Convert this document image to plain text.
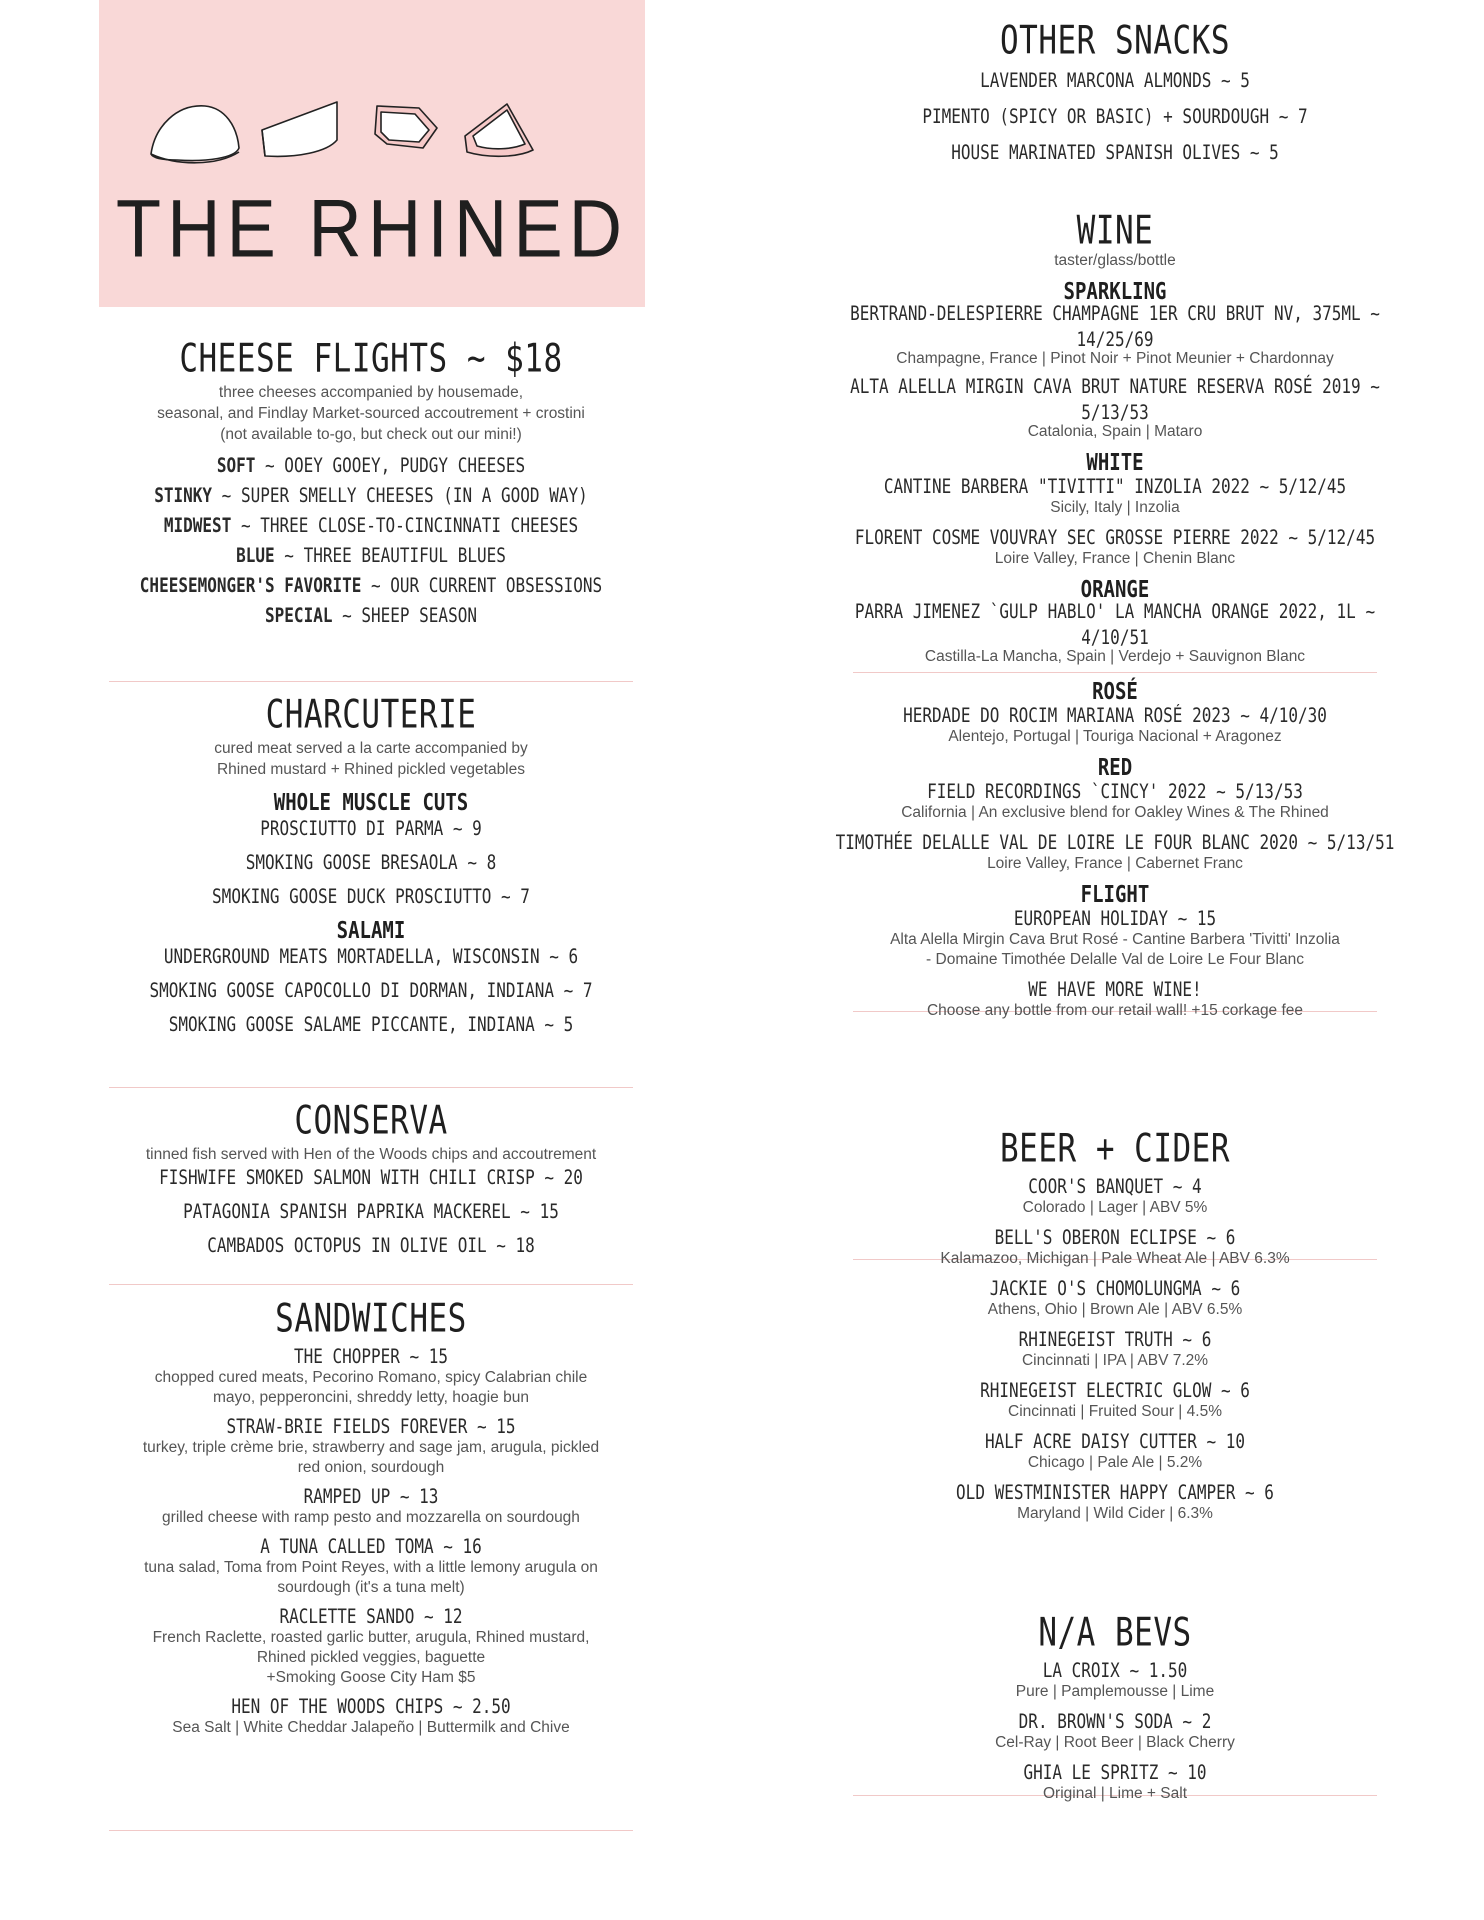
THE RHINED

CHEESE FLIGHTS ~ $18

three cheeses accompanied by housemade,

seasonal, and Findlay Market-sourced accoutrement + crostini

(not available to-go, but check out our mini!)

SOFT ~ OOEY GOOEY, PUDGY CHEESES

STINKY ~ SUPER SMELLY CHEESES (IN A GOOD WAY)

MIDWEST ~ THREE CLOSE-TO-CINCINNATI CHEESES

BLUE ~ THREE BEAUTIFUL BLUES

CHEESEMONGER'S FAVORITE ~ OUR CURRENT OBSESSIONS

SPECIAL ~ SHEEP SEASON

CHARCUTERIE

cured meat served a la carte accompanied by

Rhined mustard + Rhined pickled vegetables

WHOLE MUSCLE CUTS

PROSCIUTTO DI PARMA ~ 9

SMOKING GOOSE BRESAOLA ~ 8

SMOKING GOOSE DUCK PROSCIUTTO ~ 7

SALAMI

UNDERGROUND MEATS MORTADELLA, WISCONSIN ~ 6

SMOKING GOOSE CAPOCOLLO DI DORMAN, INDIANA ~ 7

SMOKING GOOSE SALAME PICCANTE, INDIANA ~ 5

CONSERVA

tinned fish served with Hen of the Woods chips and accoutrement

FISHWIFE SMOKED SALMON WITH CHILI CRISP ~ 20

PATAGONIA SPANISH PAPRIKA MACKEREL ~ 15

CAMBADOS OCTOPUS IN OLIVE OIL ~ 18

SANDWICHES

THE CHOPPER ~ 15

chopped cured meats, Pecorino Romano, spicy Calabrian chile

mayo, pepperoncini, shreddy letty, hoagie bun

STRAW-BRIE FIELDS FOREVER ~ 15

turkey, triple crème brie, strawberry and sage jam, arugula, pickled

red onion, sourdough

RAMPED UP ~ 13

grilled cheese with ramp pesto and mozzarella on sourdough

A TUNA CALLED TOMA ~ 16

tuna salad, Toma from Point Reyes, with a little lemony arugula on

sourdough (it's a tuna melt)

RACLETTE SANDO ~ 12

French Raclette, roasted garlic butter, arugula, Rhined mustard,

Rhined pickled veggies, baguette

+Smoking Goose City Ham $5

HEN OF THE WOODS CHIPS ~ 2.50

Sea Salt | White Cheddar Jalapeño | Buttermilk and Chive

OTHER SNACKS

LAVENDER MARCONA ALMONDS ~ 5

PIMENTO (SPICY OR BASIC) + SOURDOUGH ~ 7

HOUSE MARINATED SPANISH OLIVES ~ 5

WINE

taster/glass/bottle

SPARKLING

BERTRAND-DELESPIERRE CHAMPAGNE 1ER CRU BRUT NV, 375ML ~ 14/25/69

Champagne, France | Pinot Noir + Pinot Meunier + Chardonnay

ALTA ALELLA MIRGIN CAVA BRUT NATURE RESERVA ROSÉ 2019 ~ 5/13/53

Catalonia, Spain | Mataro

WHITE

CANTINE BARBERA "TIVITTI" INZOLIA 2022 ~ 5/12/45

Sicily, Italy | Inzolia

FLORENT COSME VOUVRAY SEC GROSSE PIERRE 2022 ~ 5/12/45

Loire Valley, France | Chenin Blanc

ORANGE

PARRA JIMENEZ `GULP HABLO' LA MANCHA ORANGE 2022, 1L ~ 4/10/51

Castilla-La Mancha, Spain | Verdejo + Sauvignon Blanc

ROSÉ

HERDADE DO ROCIM MARIANA ROSÉ 2023 ~ 4/10/30

Alentejo, Portugal | Touriga Nacional + Aragonez

RED

FIELD RECORDINGS `CINCY' 2022 ~ 5/13/53

California | An exclusive blend for Oakley Wines & The Rhined

TIMOTHÉE DELALLE VAL DE LOIRE LE FOUR BLANC 2020 ~ 5/13/51

Loire Valley, France | Cabernet Franc

FLIGHT

EUROPEAN HOLIDAY ~ 15

Alta Alella Mirgin Cava Brut Rosé - Cantine Barbera 'Tivitti' Inzolia

- Domaine Timothée Delalle Val de Loire Le Four Blanc

WE HAVE MORE WINE!

Choose any bottle from our retail wall! +15 corkage fee

BEER + CIDER

COOR'S BANQUET ~ 4

Colorado | Lager | ABV 5%

BELL'S OBERON ECLIPSE ~ 6

Kalamazoo, Michigan | Pale Wheat Ale | ABV 6.3%

JACKIE O'S CHOMOLUNGMA ~ 6

Athens, Ohio | Brown Ale | ABV 6.5%

RHINEGEIST TRUTH ~ 6

Cincinnati | IPA | ABV 7.2%

RHINEGEIST ELECTRIC GLOW ~ 6

Cincinnati | Fruited Sour | 4.5%

HALF ACRE DAISY CUTTER ~ 10

Chicago | Pale Ale | 5.2%

OLD WESTMINISTER HAPPY CAMPER ~ 6

Maryland | Wild Cider | 6.3%

N/A BEVS

LA CROIX ~ 1.50

Pure | Pamplemousse | Lime

DR. BROWN'S SODA ~ 2

Cel-Ray | Root Beer | Black Cherry

GHIA LE SPRITZ ~ 10

Original | Lime + Salt
